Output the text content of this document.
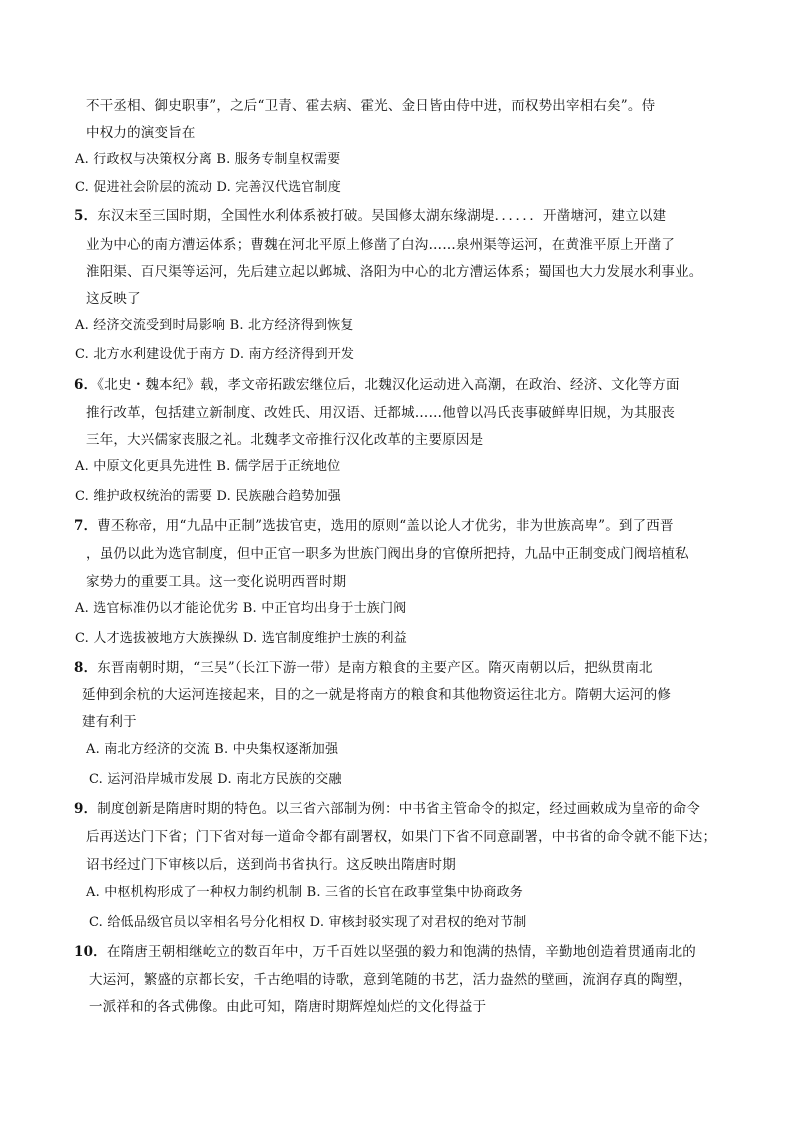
不干丞相、御史职事”，之后“卫青、霍去病、霍光、金日皆由侍中进，而权势出宰相右矣”。侍
中权力的演变旨在
A. 行政权与决策权分离 B. 服务专制皇权需要
C. 促进社会阶层的流动 D. 完善汉代选官制度
5．东汉末至三国时期，全国性水利体系被打破。吴国修太湖东缘湖堤．．．．．．开凿塘河，建立以建
业为中心的南方漕运体系；曹魏在河北平原上修凿了白沟……泉州渠等运河，在黄淮平原上开凿了
淮阳渠、百尺渠等运河，先后建立起以邺城、洛阳为中心的北方漕运体系；蜀国也大力发展水利事业。
这反映了
A. 经济交流受到时局影响 B. 北方经济得到恢复
C. 北方水利建设优于南方 D. 南方经济得到开发
6．《北史・魏本纪》载，孝文帝拓跋宏继位后，北魏汉化运动进入高潮，在政治、经济、文化等方面
推行改革，包括建立新制度、改姓氏、用汉语、迁都城……他曾以冯氏丧事破鲜卑旧规，为其服丧
三年，大兴儒家丧服之礼。北魏孝文帝推行汉化改革的主要原因是
A. 中原文化更具先进性 B. 儒学居于正统地位
C. 维护政权统治的需要 D. 民族融合趋势加强
7．曹丕称帝，用“九品中正制”选拔官吏，选用的原则“盖以论人才优劣，非为世族高卑”。到了西晋
，虽仍以此为选官制度，但中正官一职多为世族门阀出身的官僚所把持，九品中正制变成门阀培植私
家势力的重要工具。这一变化说明西晋时期
A. 选官标准仍以才能论优劣 B. 中正官均出身于士族门阀
C. 人才选拔被地方大族操纵 D. 选官制度维护士族的利益
8．东晋南朝时期，“三吴”（长江下游一带）是南方粮食的主要产区。隋灭南朝以后，把纵贯南北
延伸到余杭的大运河连接起来，目的之一就是将南方的粮食和其他物资运往北方。隋朝大运河的修
建有利于
A. 南北方经济的交流 B. 中央集权逐渐加强
C. 运河沿岸城市发展 D. 南北方民族的交融
9．制度创新是隋唐时期的特色。以三省六部制为例：中书省主管命令的拟定，经过画敕成为皇帝的命令
后再送达门下省；门下省对每一道命令都有副署权，如果门下省不同意副署，中书省的命令就不能下达；
诏书经过门下审核以后，送到尚书省执行。这反映出隋唐时期
A. 中枢机构形成了一种权力制约机制 B. 三省的长官在政事堂集中协商政务
C. 给低品级官员以宰相名号分化相权 D. 审核封驳实现了对君权的绝对节制
10．在隋唐王朝相继屹立的数百年中，万千百姓以坚强的毅力和饱满的热情，辛勤地创造着贯通南北的
大运河，繁盛的京都长安，千古绝唱的诗歌，意到笔随的书艺，活力盎然的壁画，流润存真的陶塑，
一派祥和的各式佛像。由此可知，隋唐时期辉煌灿烂的文化得益于
